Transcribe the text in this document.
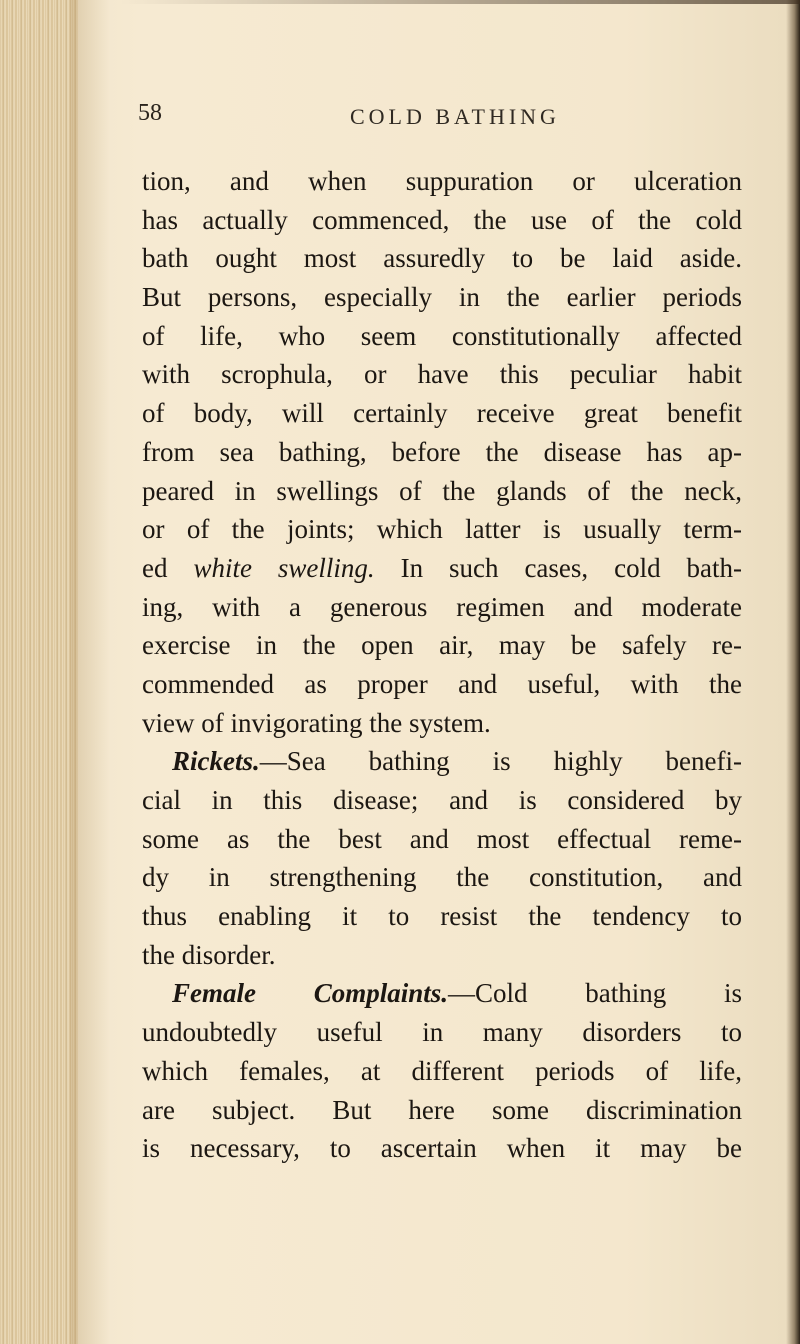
58	COLD BATHING
tion, and when suppuration or ulceration
has actually commenced, the use of the cold
bath ought most assuredly to be laid aside.
But persons, especially in the earlier periods
of life, who seem constitutionally affected
with scrophula, or have this peculiar habit
of body, will certainly receive great benefit
from sea bathing, before the disease has ap-
peared in swellings of the glands of the neck,
or of the joints; which latter is usually term-
ed white swelling. In such cases, cold bath-
ing, with a generous regimen and moderate
exercise in the open air, may be safely re-
commended as proper and useful, with the
view of invigorating the system.
Rickets.—Sea bathing is highly benefi-
cial in this disease; and is considered by
some as the best and most effectual reme-
dy in strengthening the constitution, and
thus enabling it to resist the tendency to
the disorder.
Female Complaints.—Cold bathing is
undoubtedly useful in many disorders to
which females, at different periods of life,
are subject. But here some discrimination
is necessary, to ascertain when it may be
